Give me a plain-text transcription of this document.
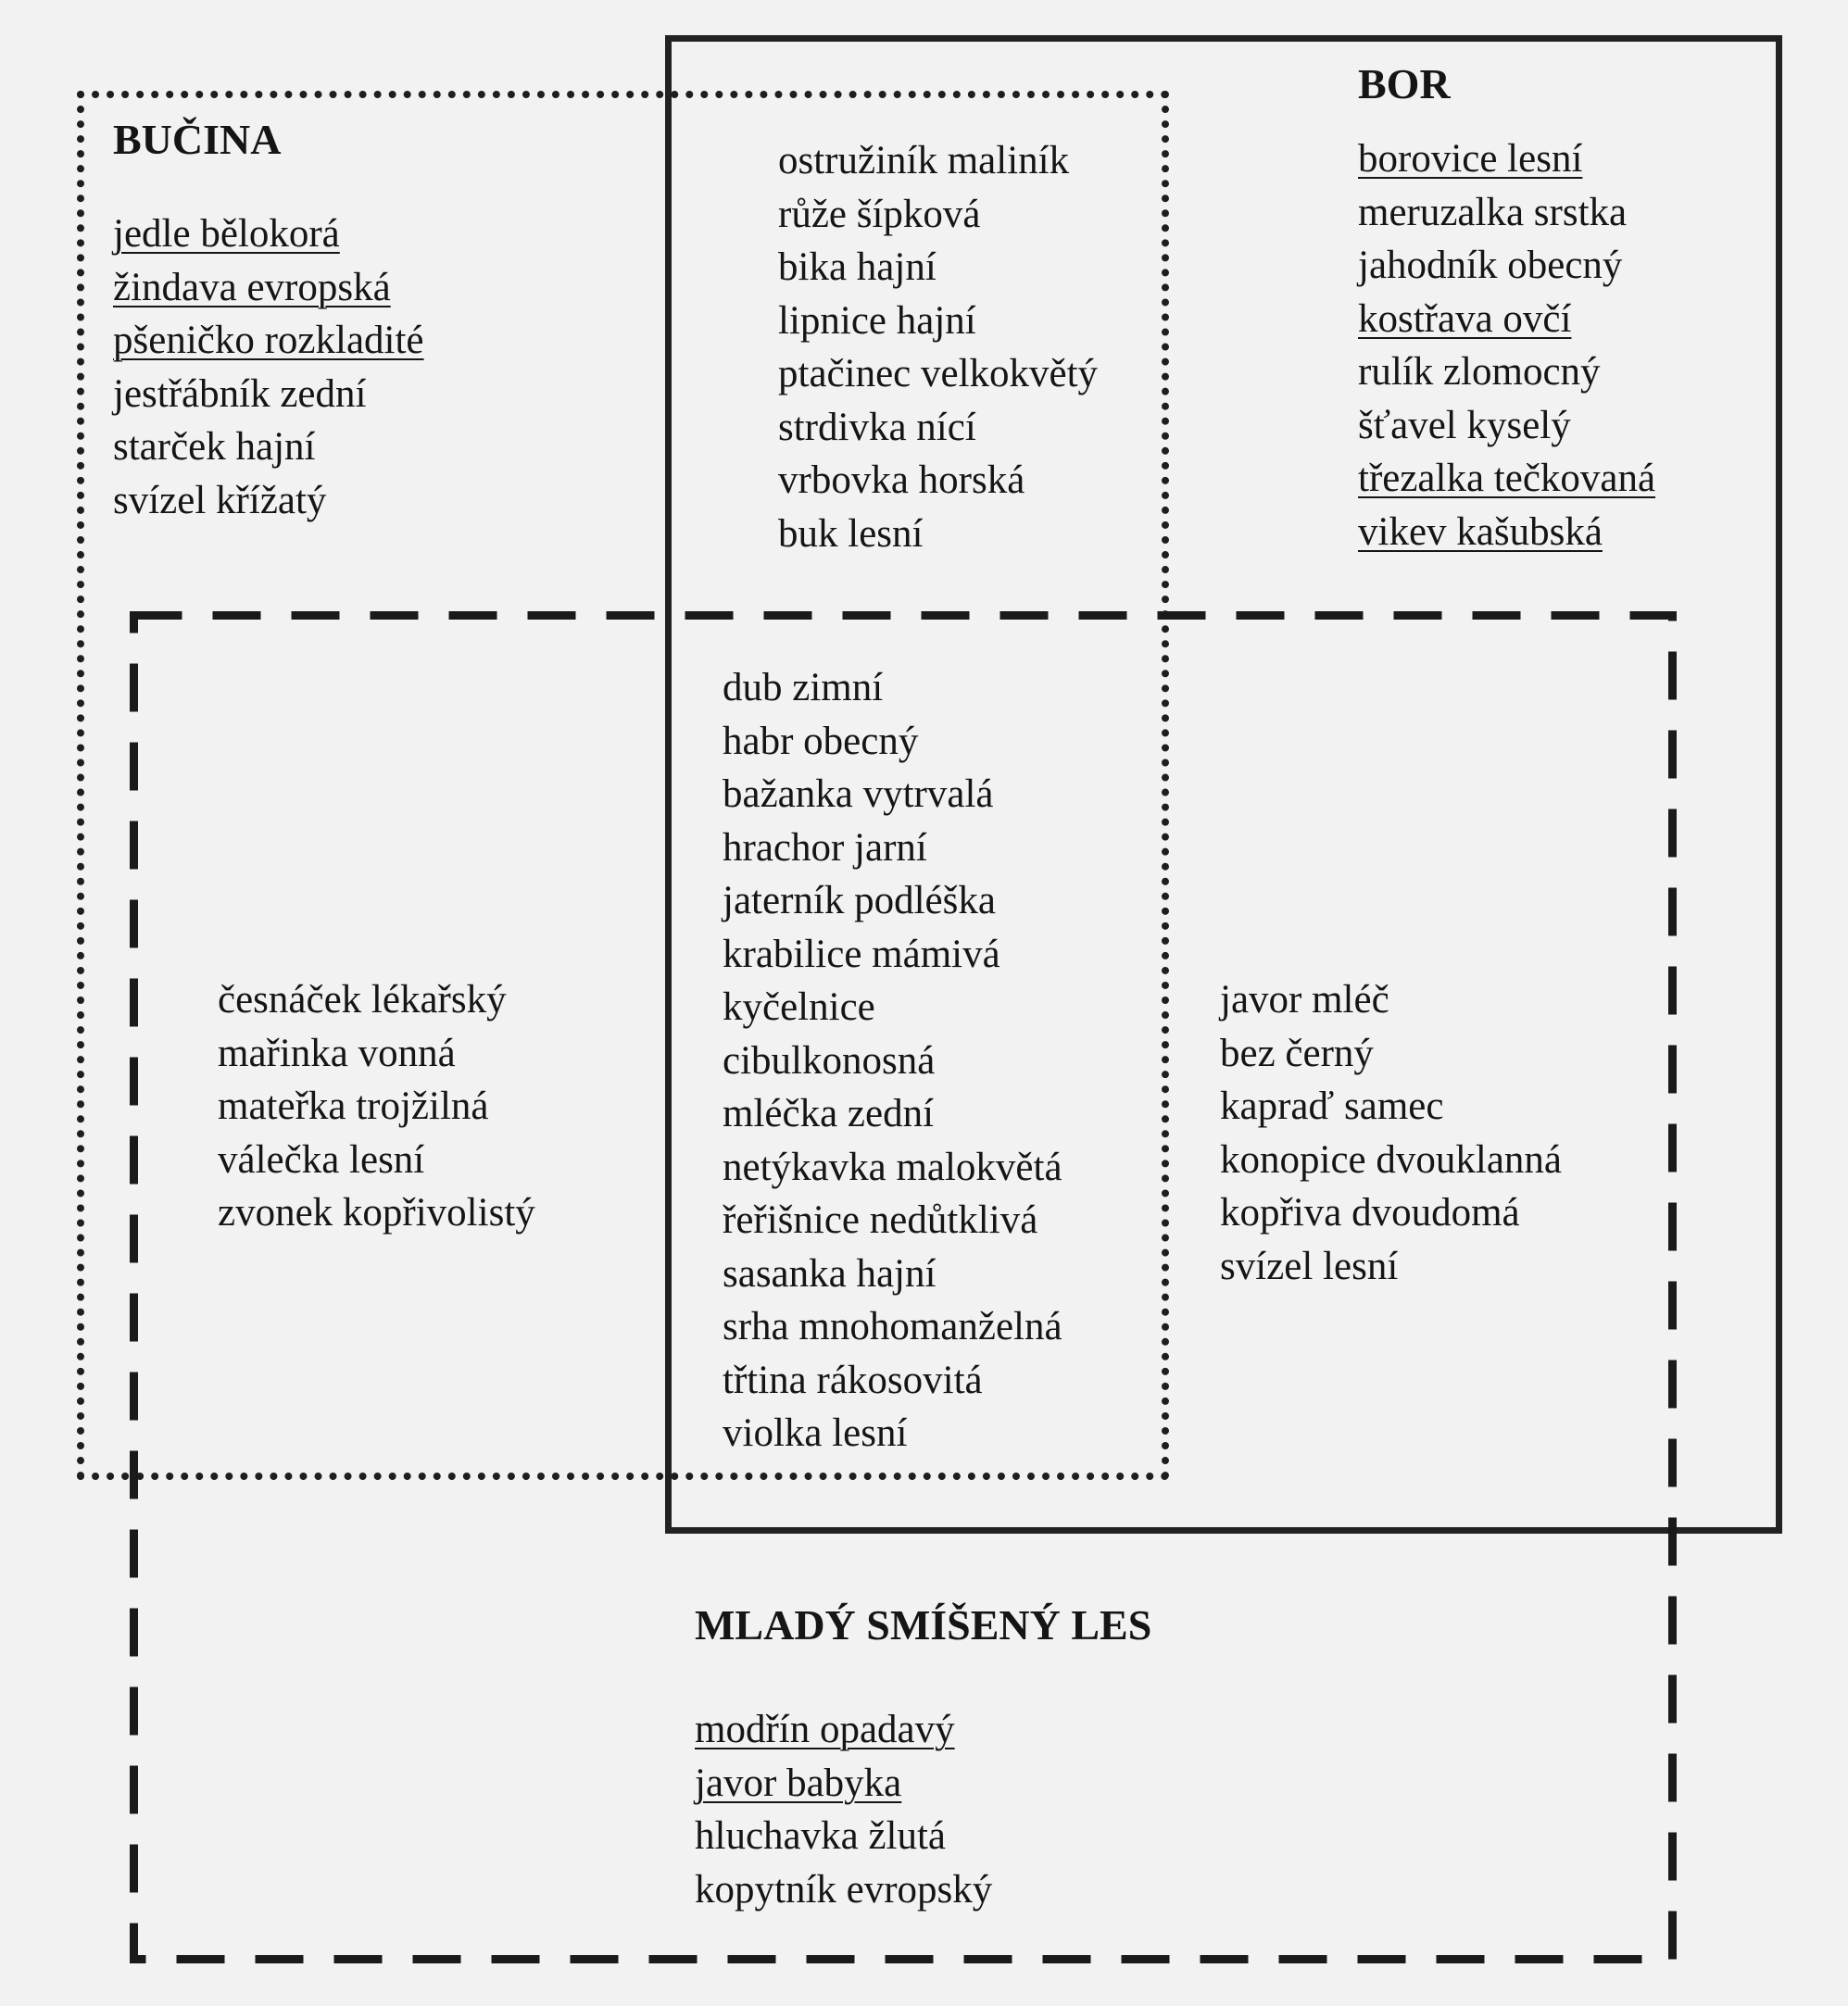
BUČINA
jedle bělokorá
žindava evropská
pšeničko rozkladité
jestřábník zední
starček hajní
svízel křížatý
ostružiník maliník
růže šípková
bika hajní
lipnice hajní
ptačinec velkokvětý
strdivka nící
vrbovka horská
buk lesní
BOR
borovice lesní
meruzalka srstka
jahodník obecný
kostřava ovčí
rulík zlomocný
šťavel kyselý
třezalka tečkovaná
vikev kašubská
dub zimní
habr obecný
bažanka vytrvalá
hrachor jarní
jaterník podléška
krabilice mámivá
kyčelnice
cibulkonosná
mléčka zední
netýkavka malokvětá
řeřišnice nedůtklivá
sasanka hajní
srha mnohomanželná
třtina rákosovitá
violka lesní
česnáček lékařský
mařinka vonná
mateřka trojžilná
válečka lesní
zvonek kopřivolistý
javor mléč
bez černý
kapraď samec
konopice dvouklanná
kopřiva dvoudomá
svízel lesní
MLADÝ SMÍŠENÝ LES
modřín opadavý
javor babyka
hluchavka žlutá
kopytník evropský
